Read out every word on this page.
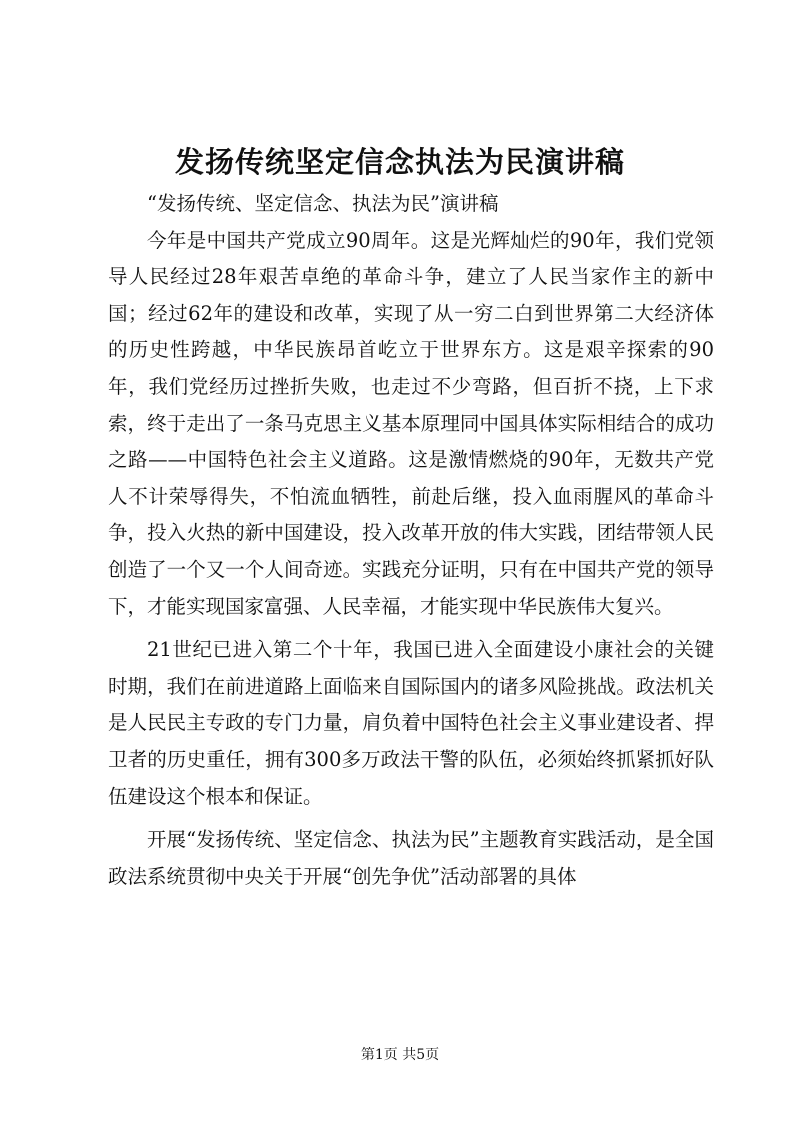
发扬传统坚定信念执法为民演讲稿

“发扬传统、坚定信念、执法为民”演讲稿

今年是中国共产党成立90周年。这是光辉灿烂的90年，我们党领导人民经过28年艰苦卓绝的革命斗争，建立了人民当家作主的新中国；经过62年的建设和改革，实现了从一穷二白到世界第二大经济体的历史性跨越，中华民族昂首屹立于世界东方。这是艰辛探索的90年，我们党经历过挫折失败，也走过不少弯路，但百折不挠，上下求索，终于走出了一条马克思主义基本原理同中国具体实际相结合的成功之路——中国特色社会主义道路。这是激情燃烧的90年，无数共产党人不计荣辱得失，不怕流血牺牲，前赴后继，投入血雨腥风的革命斗争，投入火热的新中国建设，投入改革开放的伟大实践，团结带领人民创造了一个又一个人间奇迹。实践充分证明，只有在中国共产党的领导下，才能实现国家富强、人民幸福，才能实现中华民族伟大复兴。

21世纪已进入第二个十年，我国已进入全面建设小康社会的关键时期，我们在前进道路上面临来自国际国内的诸多风险挑战。政法机关是人民民主专政的专门力量，肩负着中国特色社会主义事业建设者、捍卫者的历史重任，拥有300多万政法干警的队伍，必须始终抓紧抓好队伍建设这个根本和保证。

开展“发扬传统、坚定信念、执法为民”主题教育实践活动，是全国政法系统贯彻中央关于开展“创先争优”活动部署的具体

第1页 共5页
